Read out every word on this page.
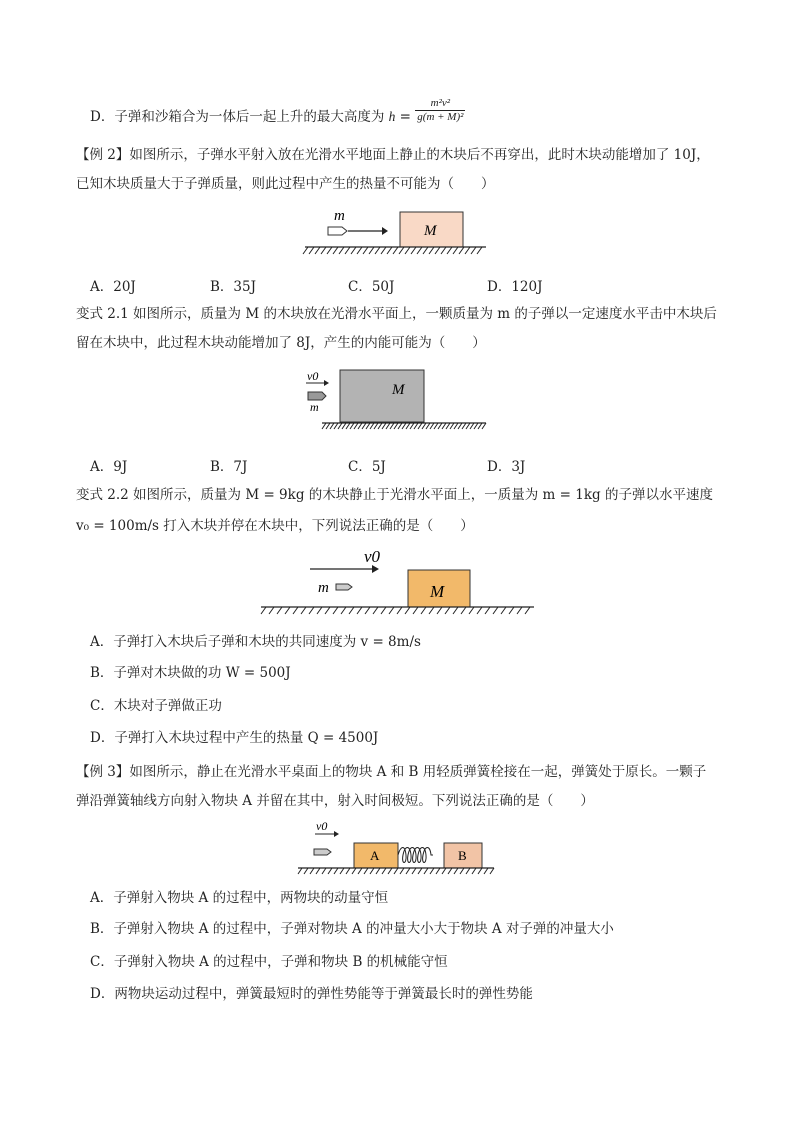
D．子弹和沙箱合为一体后一起上升的最大高度为 $h = \frac{\text{m²v²}}{\text{g(m + M)²}}$
【例 2】如图所示，子弹水平射入放在光滑水平地面上静止的木块后不再穿出，此时木块动能增加了 10J，
已知木块质量大于子弹质量，则此过程中产生的热量不可能为（　　）
m
M
A．20J	B．35J	C．50J	D．120J
变式 2.1 如图所示，质量为 M 的木块放在光滑水平面上，一颗质量为 m 的子弹以一定速度水平击中木块后
留在木块中，此过程木块动能增加了 8J，产生的内能可能为（　　）
v0
m
M
A．9J	B．7J	C．5J	D．3J
变式 2.2 如图所示，质量为 M = 9kg 的木块静止于光滑水平面上，一质量为 m = 1kg 的子弹以水平速度
v₀ = 100m/s 打入木块并停在木块中，下列说法正确的是（　　）
v0
m	M
A．子弹打入木块后子弹和木块的共同速度为 v = 8m/s
B．子弹对木块做的功 W = 500J
C．木块对子弹做正功
D．子弹打入木块过程中产生的热量 Q = 4500J
【例 3】如图所示，静止在光滑水平桌面上的物块 A 和 B 用轻质弹簧栓接在一起，弹簧处于原长。一颗子
弹沿弹簧轴线方向射入物块 A 并留在其中，射入时间极短。下列说法正确的是（　　）
v0
A	B
A．子弹射入物块 A 的过程中，两物块的动量守恒
B．子弹射入物块 A 的过程中，子弹对物块 A 的冲量大小大于物块 A 对子弹的冲量大小
C．子弹射入物块 A 的过程中，子弹和物块 B 的机械能守恒
D．两物块运动过程中，弹簧最短时的弹性势能等于弹簧最长时的弹性势能
